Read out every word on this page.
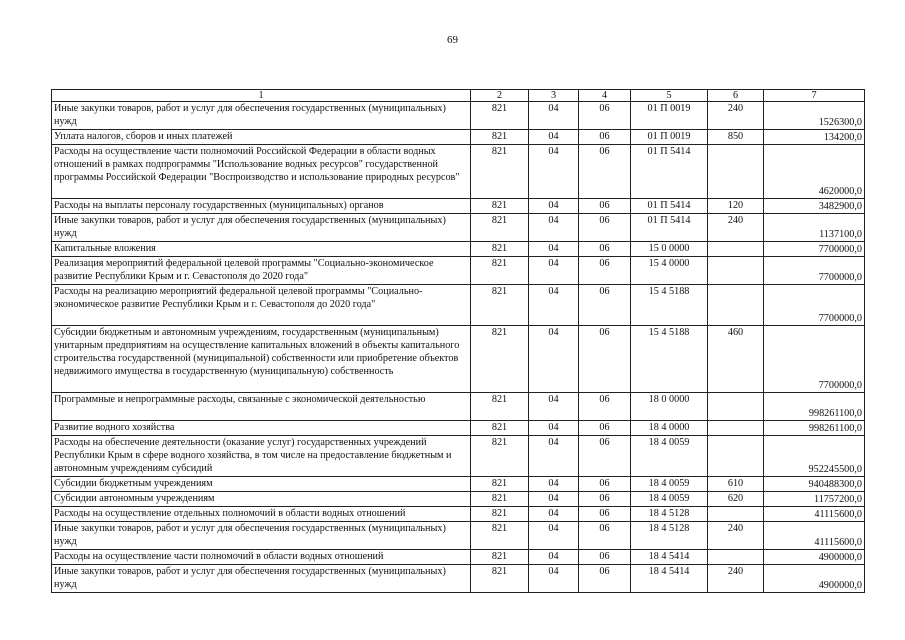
69
1	2	3	4	5	6	7
Иные закупки товаров, работ и услуг для обеспечения государственных (муниципальных) нужд	821	04	06	01 П 0019	240	1526300,0

Уплата налогов, сборов и иных платежей	821	04	06	01 П 0019	850	134200,0

Расходы на осуществление части полномочий Российской Федерации в области водных отношений в рамках подпрограммы "Использование водных ресурсов" государственной программы Российской Федерации "Воспроизводство и использование природных ресурсов"	821	04	06	01 П 5414		4620000,0

Расходы на выплаты персоналу государственных (муниципальных) органов	821	04	06	01 П 5414	120	3482900,0

Иные закупки товаров, работ и услуг для обеспечения государственных (муниципальных) нужд	821	04	06	01 П 5414	240	1137100,0

Капитальные вложения	821	04	06	15 0 0000		7700000,0

Реализация мероприятий федеральной целевой программы "Социально-экономическое развитие Республики Крым и г. Севастополя до 2020 года"	821	04	06	15 4 0000		7700000,0

Расходы на реализацию мероприятий федеральной целевой программы "Социально-экономическое развитие Республики Крым и г. Севастополя до 2020 года"	821	04	06	15 4 5188		7700000,0

Субсидии бюджетным и автономным учреждениям, государственным (муниципальным) унитарным предприятиям на осуществление капитальных вложений в объекты капитального строительства государственной (муниципальной) собственности или приобретение объектов недвижимого имущества в государственную (муниципальную) собственность	821	04	06	15 4 5188	460	7700000,0

Программные и непрограммные расходы, связанные с экономической деятельностью	821	04	06	18 0 0000		998261100,0

Развитие водного хозяйства	821	04	06	18 4 0000		998261100,0

Расходы на обеспечение деятельности (оказание услуг) государственных учреждений Республики Крым в сфере водного хозяйства, в том числе на предоставление бюджетным и автономным учреждениям субсидий	821	04	06	18 4 0059		952245500,0

Субсидии бюджетным учреждениям	821	04	06	18 4 0059	610	940488300,0

Субсидии автономным учреждениям	821	04	06	18 4 0059	620	11757200,0

Расходы на осуществление отдельных полномочий в области водных отношений	821	04	06	18 4 5128		41115600,0

Иные закупки товаров, работ и услуг для обеспечения государственных (муниципальных) нужд	821	04	06	18 4 5128	240	41115600,0

Расходы на осуществление части полномочий в области водных отношений	821	04	06	18 4 5414		4900000,0

Иные закупки товаров, работ и услуг для обеспечения государственных (муниципальных) нужд	821	04	06	18 4 5414	240	4900000,0
